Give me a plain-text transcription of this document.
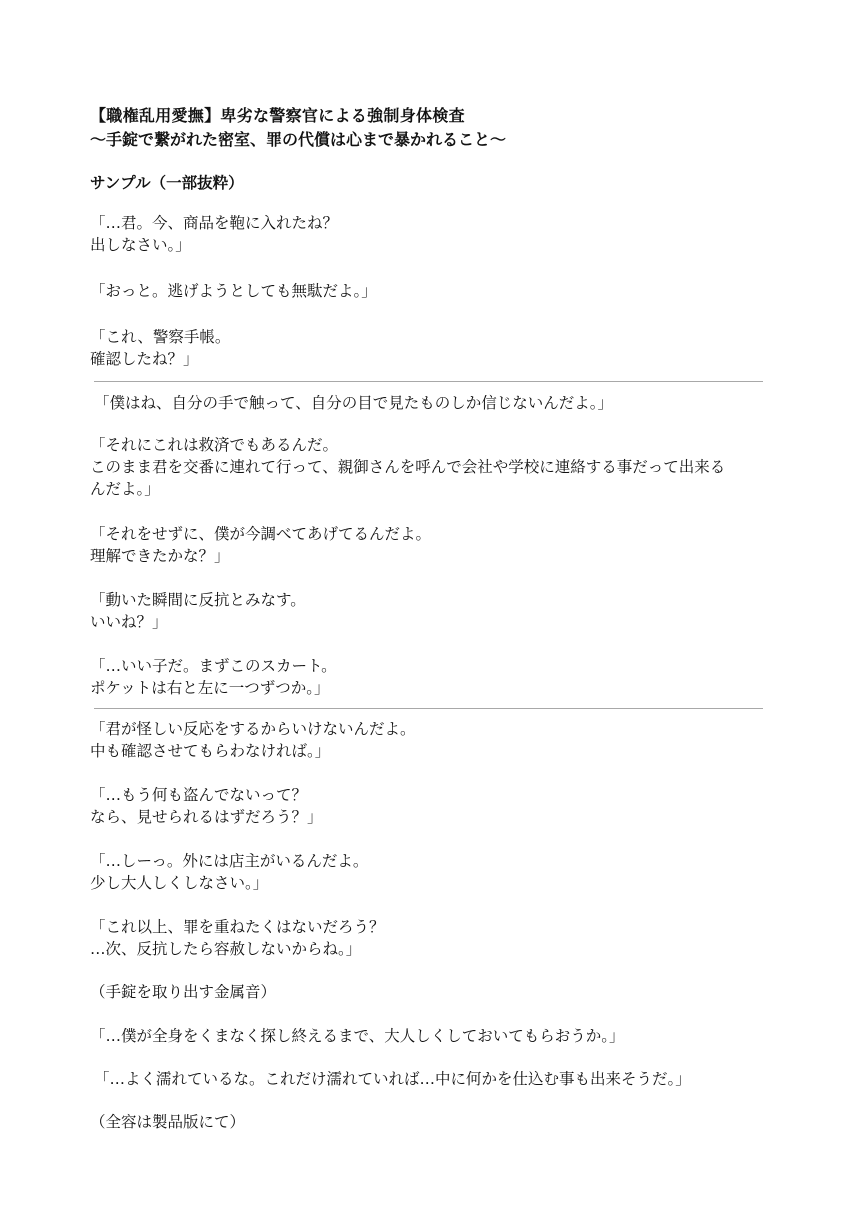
【職権乱用愛撫】卑劣な警察官による強制身体検査

〜手錠で繋がれた密室、罪の代償は心まで暴かれること〜

サンプル（一部抜粋）

「…君。今、商品を鞄に入れたね？
出しなさい。」
「おっと。逃げようとしても無駄だよ。」
「これ、警察手帳。
確認したね？」
「僕はね、自分の手で触って、自分の目で見たものしか信じないんだよ。」
「それにこれは救済でもあるんだ。
このまま君を交番に連れて行って、親御さんを呼んで会社や学校に連絡する事だって出来る
んだよ。」
「それをせずに、僕が今調べてあげてるんだよ。
理解できたかな？」
「動いた瞬間に反抗とみなす。
いいね？」
「…いい子だ。まずこのスカート。
ポケットは右と左に一つずつか。」
「君が怪しい反応をするからいけないんだよ。
中も確認させてもらわなければ。」
「…もう何も盗んでないって？
なら、見せられるはずだろう？」
「…しーっ。外には店主がいるんだよ。
少し大人しくしなさい。」
「これ以上、罪を重ねたくはないだろう？
…次、反抗したら容赦しないからね。」
（手錠を取り出す金属音）
「…僕が全身をくまなく探し終えるまで、大人しくしておいてもらおうか。」
「…よく濡れているな。これだけ濡れていれば…中に何かを仕込む事も出来そうだ。」
（全容は製品版にて）
